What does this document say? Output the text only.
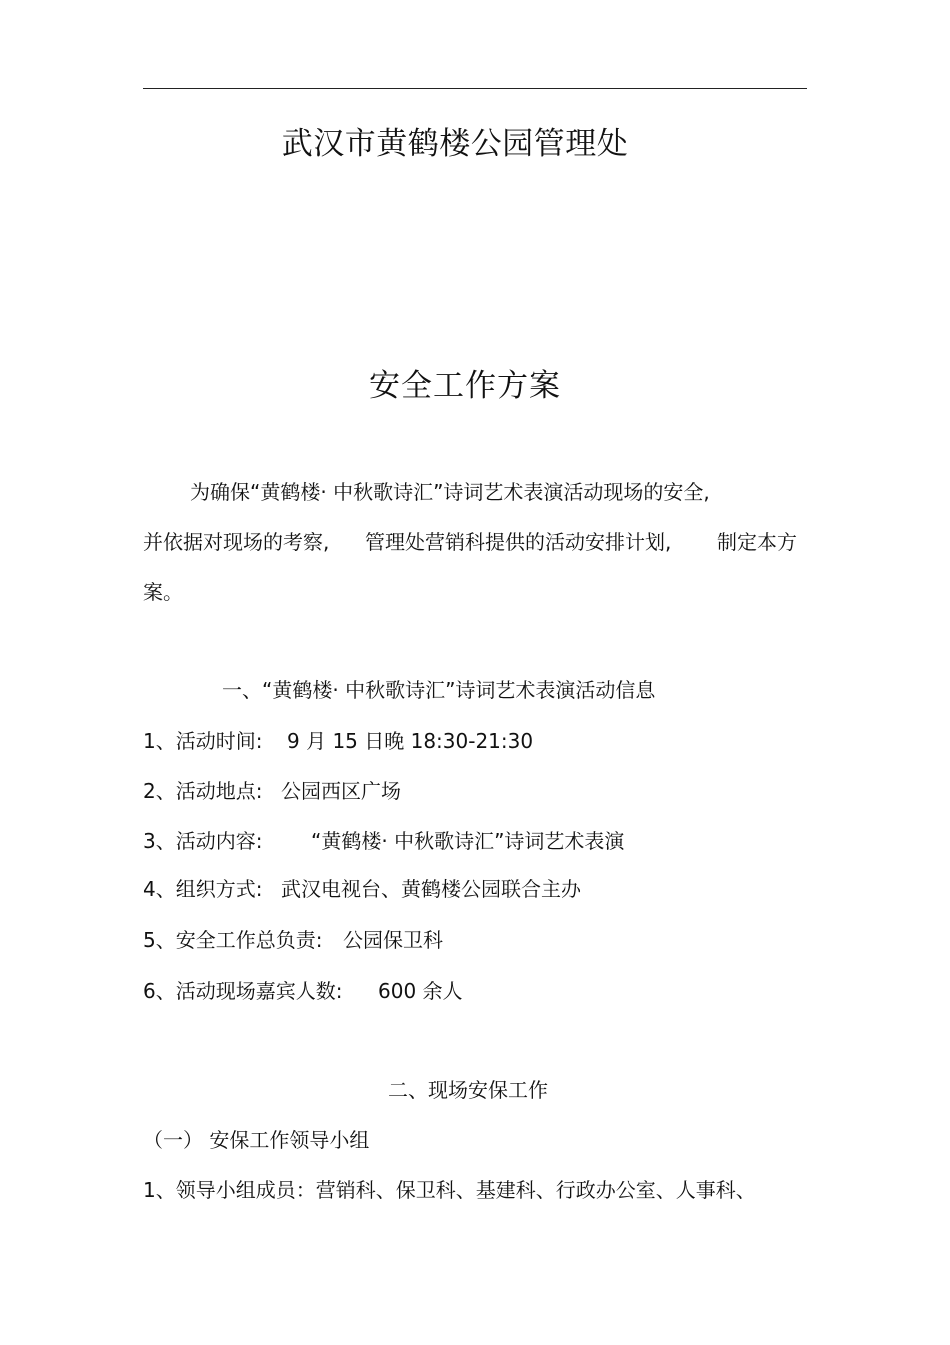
武汉市黄鹤楼公园管理处
安全工作方案
为确保“黄鹤楼· 中秋歌诗汇”诗词艺术表演活动现场的安全,
并依据对现场的考察, 管理处营销科提供的活动安排计划, 制定本方
案。
一、“黄鹤楼· 中秋歌诗汇”诗词艺术表演活动信息
1、活动时间: 9 月 15 日晚 18:30-21:30
2、活动地点: 公园西区广场
3、活动内容: “黄鹤楼· 中秋歌诗汇”诗词艺术表演
4、组织方式: 武汉电视台、黄鹤楼公园联合主办
5、安全工作总负责: 公园保卫科
6、活动现场嘉宾人数: 600 余人
二、现场安保工作
（一） 安保工作领导小组
1、领导小组成员：营销科、保卫科、基建科、行政办公室、人事科、
